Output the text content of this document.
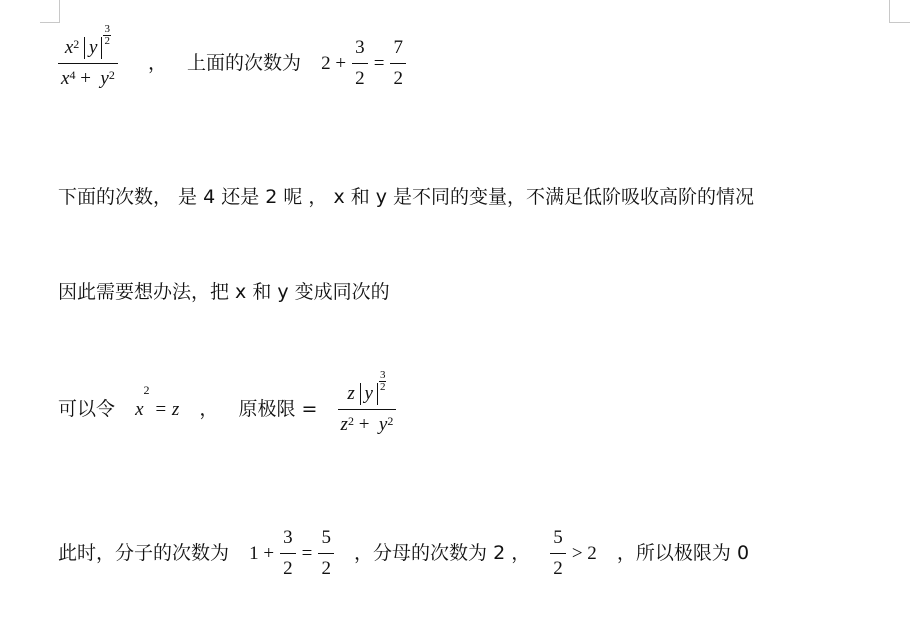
$x^2$ y
$\frac{3}{2}$
$x^4 + y^2$ ， 上面的次数为 $2 + \frac{3}{2} = \frac{7}{2}$
下面的次数， 是 4 还是 2 呢 ， x 和 y 是不同的变量，不满足低阶吸收高阶的情况
因此需要想办法，把 x 和 y 变成同次的
可以令 $x^2 = z$ ， 原极限 = z y
$\frac{3}{2}$
$z^2 + y^2$
此时，分子的次数为 $1 + \frac{3}{2} = \frac{5}{2}$ ，分母的次数为 2 ， $\frac{5}{2} > 2$ ，所以极限为 0
